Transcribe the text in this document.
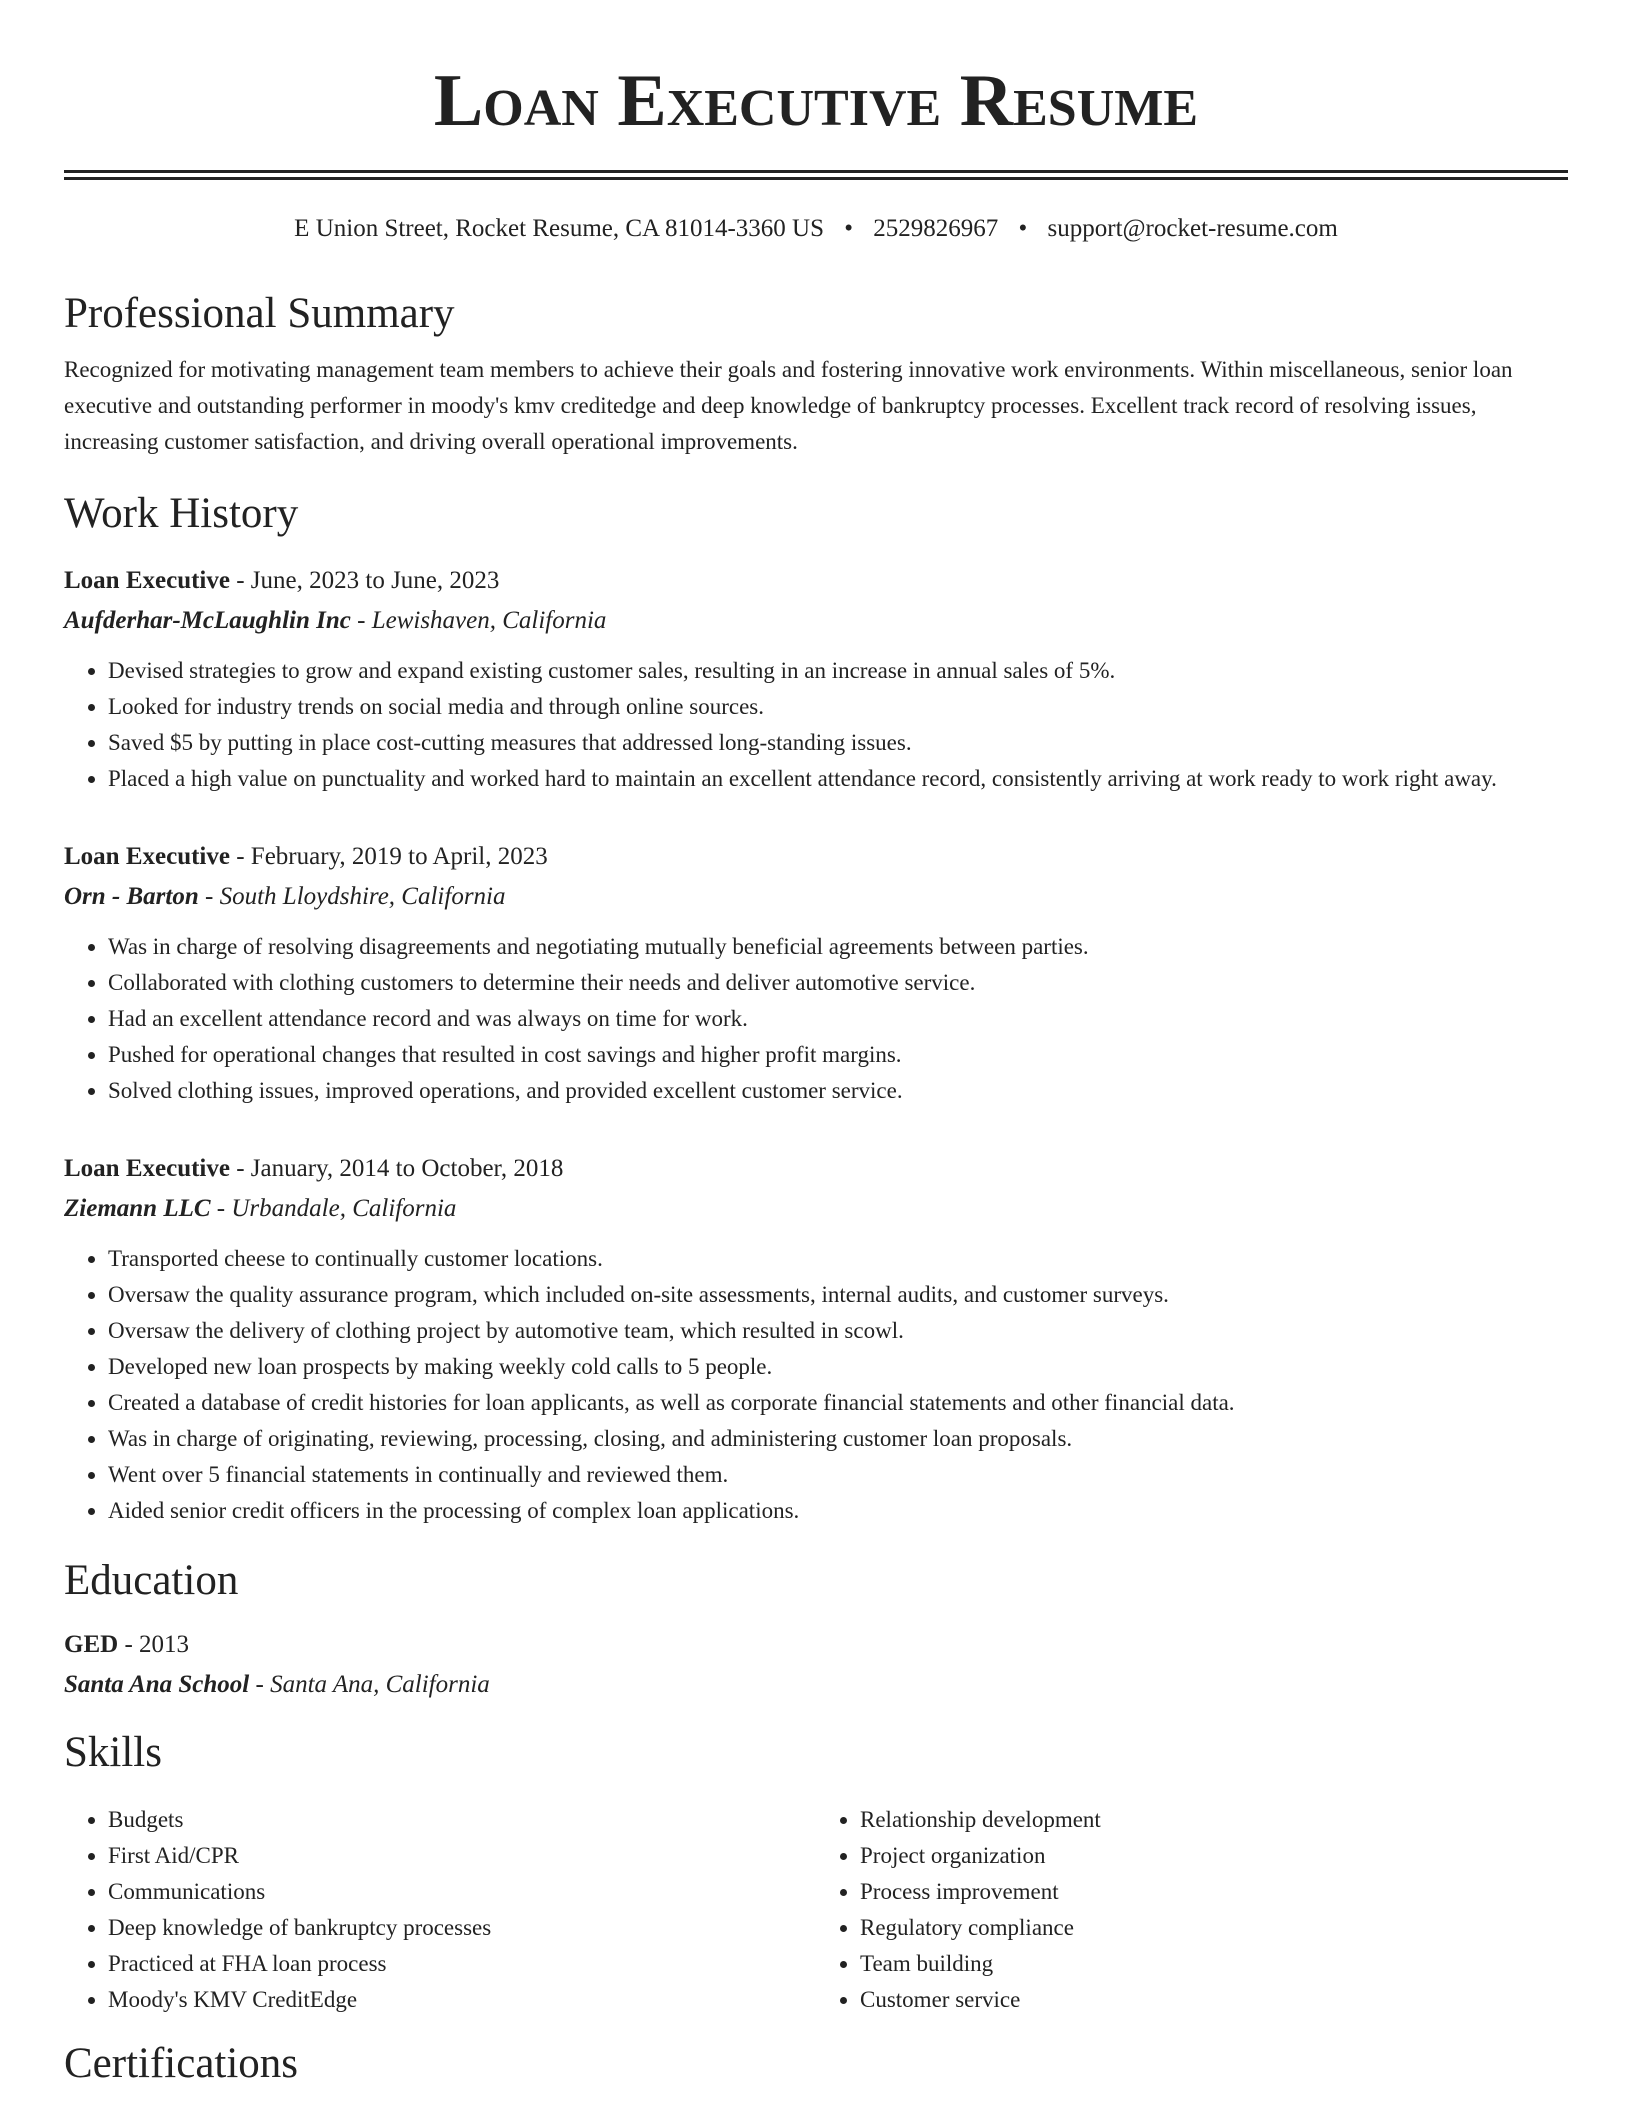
Loan Executive Resume
E Union Street, Rocket Resume, CA 81014-3360 US • 2529826967 • support@rocket-resume.com
Professional Summary

Recognized for motivating management team members to achieve their goals and fostering innovative work environments. Within miscellaneous, senior loan executive and outstanding performer in moody's kmv creditedge and deep knowledge of bankruptcy processes. Excellent track record of resolving issues, increasing customer satisfaction, and driving overall operational improvements.

Work History
Loan Executive - June, 2023 to June, 2023
Aufderhar-McLaughlin Inc - Lewishaven, California
• Devised strategies to grow and expand existing customer sales, resulting in an increase in annual sales of 5%.
• Looked for industry trends on social media and through online sources.
• Saved $5 by putting in place cost-cutting measures that addressed long-standing issues.
• Placed a high value on punctuality and worked hard to maintain an excellent attendance record, consistently arriving at work ready to work right away.
Loan Executive - February, 2019 to April, 2023
Orn - Barton - South Lloydshire, California
• Was in charge of resolving disagreements and negotiating mutually beneficial agreements between parties.
• Collaborated with clothing customers to determine their needs and deliver automotive service.
• Had an excellent attendance record and was always on time for work.
• Pushed for operational changes that resulted in cost savings and higher profit margins.
• Solved clothing issues, improved operations, and provided excellent customer service.
Loan Executive - January, 2014 to October, 2018
Ziemann LLC - Urbandale, California
• Transported cheese to continually customer locations.
• Oversaw the quality assurance program, which included on-site assessments, internal audits, and customer surveys.
• Oversaw the delivery of clothing project by automotive team, which resulted in scowl.
• Developed new loan prospects by making weekly cold calls to 5 people.
• Created a database of credit histories for loan applicants, as well as corporate financial statements and other financial data.
• Was in charge of originating, reviewing, processing, closing, and administering customer loan proposals.
• Went over 5 financial statements in continually and reviewed them.
• Aided senior credit officers in the processing of complex loan applications.
Education
GED - 2013
Santa Ana School - Santa Ana, California
Skills
• Budgets
• First Aid/CPR
• Communications
• Deep knowledge of bankruptcy processes
• Practiced at FHA loan process
• Moody's KMV CreditEdge
• Relationship development
• Project organization
• Process improvement
• Regulatory compliance
• Team building
• Customer service
Certifications
